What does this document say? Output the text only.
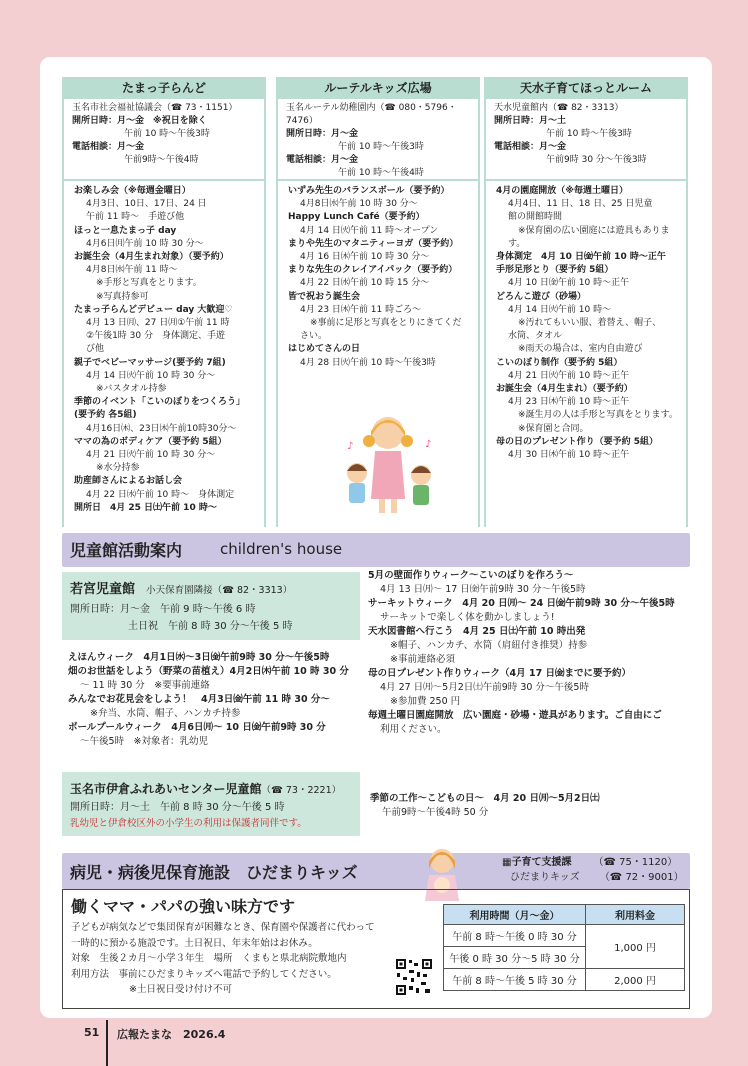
たまっ子らんど
玉名市社会福祉協議会（☎ 73・1151）
開所日時：月～金　※祝日を除く
午前 10 時～午後3時
電話相談：月～金
午前9時～午後4時
お楽しみ会（※毎週金曜日）
4月3日、10日、17日、24 日
午前 11 時～　手遊び他
ほっと一息たまっ子 day
4月6日㈪午前 10 時 30 分～
お誕生会（4月生まれ対象）（要予約）
4月8日㈬午前 11 時～
※手形と写真をとります。
※写真持参可
たまっ子らんどデビュー day 大歓迎♡
4月 13 日㈪、27 日㈪①午前 11 時
②午後1時 30 分　身体測定、手遊
び他
親子でベビーマッサージ(要予約 7組)
4月 14 日㈫午前 10 時 30 分～
※バスタオル持参
季節のイベント「こいのぼりをつくろう」
(要予約 各5組)
4月16日㈭、23日㈭午前10時30分～
ママの為のボディケア（要予約 5組）
4月 21 日㈫午前 10 時 30 分～
※水分持参
助産師さんによるお話し会
4月 22 日㈬午前 10 時～　身体測定
開所日　4月 25 日㈯午前 10 時～
ルーテルキッズ広場
玉名ルーテル幼稚園内（☎ 080・5796・7476）
開所日時：月～金
午前 10 時～午後3時
電話相談：月～金
午前 10 時～午後4時
いずみ先生のバランスボール（要予約）
4月8日㈬午前 10 時 30 分～
Happy Lunch Café（要予約）
4月 14 日㈫午前 11 時～オープン
まりや先生のマタニティーヨガ（要予約）
4月 16 日㈭午前 10 時 30 分～
まりな先生のクレイアイパック（要予約）
4月 22 日㈬午前 10 時 15 分～
皆で祝おう誕生会
4月 23 日㈭午前 11 時ごろ～
※事前に足形と写真をとりにきてくだ
さい。
はじめてさんの日
4月 28 日㈫午前 10 時～午後3時
♪	♪
天水子育てほっとルーム
天水児童館内（☎ 82・3313）
開所日時：月～土
午前 10 時～午後3時
電話相談：月～金
午前9時 30 分～午後3時
4月の園庭開放（※毎週土曜日）
4月4日、11 日、18 日、25 日児童
館の開館時間
※保育園の広い園庭には遊具もありま
す。
身体測定　4月 10 日㈮午前 10 時～正午
手形足形とり（要予約 5組）
4月 10 日㈮午前 10 時～正午
どろんこ遊び（砂場）
4月 14 日㈫午前 10 時～
※汚れてもいい服、着替え、帽子、
水筒、タオル
※雨天の場合は、室内自由遊び
こいのぼり制作（要予約 5組）
4月 21 日㈫午前 10 時～正午
お誕生会（4月生まれ）（要予約）
4月 23 日㈭午前 10 時～正午
※誕生月の人は手形と写真をとります。
※保育園と合同。
母の日のプレゼント作り（要予約 5組）
4月 30 日㈭午前 10 時～正午
児童館活動案内	children's house
若宮児童館 小天保育園隣接（☎ 82・3313）
開所日時：月～金　午前 9 時～午後 6 時
土日祝　午前 8 時 30 分～午後 5 時
えほんウィーク　4月1日㈬～3日㈮午前9時 30 分～午後5時
畑のお世話をしよう（野菜の苗植え）4月2日㈭午前 10 時 30 分
～ 11 時 30 分　※要事前連絡
みんなでお花見会をしよう！　4月3日㈮午前 11 時 30 分～
※弁当、水筒、帽子、ハンカチ持参
ボールプールウィーク　4月6日㈪～ 10 日㈮午前9時 30 分
～午後5時　※対象者：乳幼児
5月の壁面作りウィーク～こいのぼりを作ろう～
4月 13 日㈪～ 17 日㈮午前9時 30 分～午後5時
サーキットウィーク　4月 20 日㈪～ 24 日㈮午前9時 30 分～午後5時
サーキットで楽しく体を動かしましょう!
天水図書館へ行こう　4月 25 日㈯午前 10 時出発
※帽子、ハンカチ、水筒（肩紐付き推奨）持参
※事前連絡必須
母の日プレゼント作りウィーク（4月 17 日㈮までに要予約）
4月 27 日㈪～5月2日㈯午前9時 30 分～午後5時
※参加費 250 円
毎週土曜日園庭開放　広い園庭・砂場・遊具があります。ご自由にご
利用ください。
玉名市伊倉ふれあいセンター児童館（☎ 73・2221）
開所日時：月～土　午前 8 時 30 分～午後 5 時
乳幼児と伊倉校区外の小学生の利用は保護者同伴です。
季節の工作～こどもの日～　4月 20 日㈪～5月2日㈯
午前9時～午後4時 50 分
病児・病後児保育施設　ひだまりキッズ
▦子育て支援課 （☎ 75・1120）
ひだまりキッズ （☎ 72・9001）
働くママ・パパの強い味方です
子どもが病気などで集団保育が困難なとき、保育園や保護者に代わって
一時的に預かる施設です。土日祝日、年末年始はお休み。
対象　生後２カ月～小学３年生　場所　くまもと県北病院敷地内
利用方法　事前にひだまりキッズへ電話で予約してください。
※土日祝日受け付け不可
利用時間（月～金）	利用料金
午前 8 時～午後 0 時 30 分	1,000 円
午後 0 時 30 分～5 時 30 分	
午前 8 時～午後 5 時 30 分	2,000 円
51 広報たまな　2026.4
